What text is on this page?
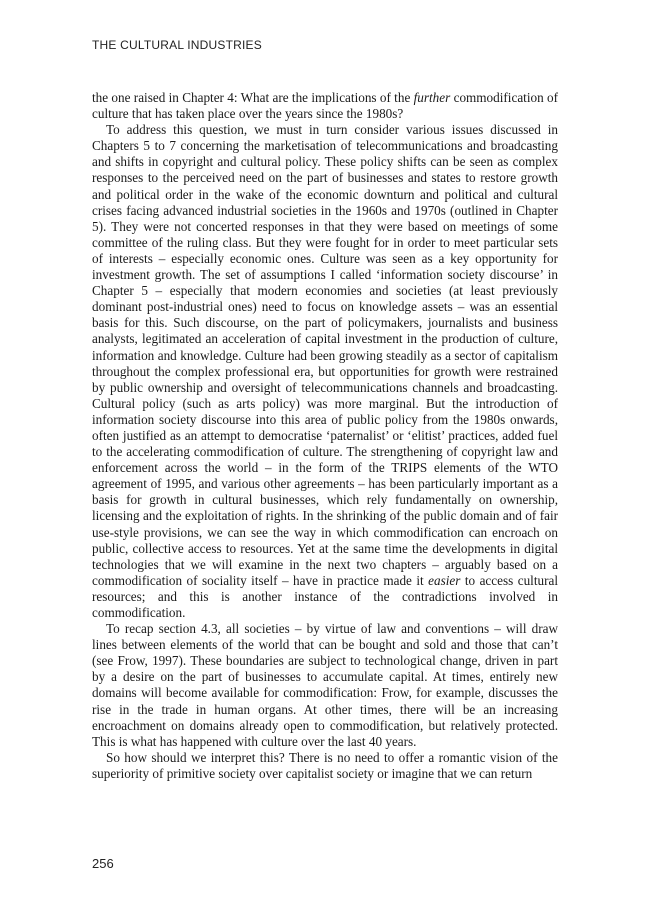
THE CULTURAL INDUSTRIES

the one raised in Chapter 4: What are the implications of the further commodification of culture that has taken place over the years since the 1980s?

To address this question, we must in turn consider various issues discussed in Chapters 5 to 7 concerning the marketisation of telecommunications and broadcasting and shifts in copyright and cultural policy. These policy shifts can be seen as complex responses to the perceived need on the part of businesses and states to restore growth and political order in the wake of the economic downturn and political and cultural crises facing advanced industrial societies in the 1960s and 1970s (outlined in Chapter 5). They were not concerted responses in that they were based on meetings of some committee of the ruling class. But they were fought for in order to meet particular sets of interests – especially economic ones. Culture was seen as a key opportunity for investment growth. The set of assumptions I called ‘information society discourse’ in Chapter 5 – especially that modern economies and societies (at least previously dominant post-industrial ones) need to focus on knowledge assets – was an essential basis for this. Such discourse, on the part of policymakers, journalists and business analysts, legitimated an acceleration of capital investment in the production of culture, information and knowledge. Culture had been growing steadily as a sector of capitalism throughout the complex professional era, but opportunities for growth were restrained by public ownership and oversight of telecommunications channels and broadcasting. Cultural policy (such as arts policy) was more marginal. But the introduction of information society discourse into this area of public policy from the 1980s onwards, often justified as an attempt to democratise ‘paternalist’ or ‘elitist’ practices, added fuel to the accelerating commodification of culture. The strengthening of copyright law and enforcement across the world – in the form of the TRIPS elements of the WTO agreement of 1995, and various other agreements – has been particularly important as a basis for growth in cultural businesses, which rely fundamentally on ownership, licensing and the exploitation of rights. In the shrinking of the public domain and of fair use-style provisions, we can see the way in which commodification can encroach on public, collective access to resources. Yet at the same time the developments in digital technologies that we will examine in the next two chapters – arguably based on a commodification of sociality itself – have in practice made it easier to access cultural resources; and this is another instance of the contradictions involved in commodification.

To recap section 4.3, all societies – by virtue of law and conventions – will draw lines between elements of the world that can be bought and sold and those that can’t (see Frow, 1997). These boundaries are subject to technological change, driven in part by a desire on the part of businesses to accumulate capital. At times, entirely new domains will become available for commodification: Frow, for example, discusses the rise in the trade in human organs. At other times, there will be an increasing encroachment on domains already open to commodification, but relatively protected. This is what has happened with culture over the last 40 years.

So how should we interpret this? There is no need to offer a romantic vision of the superiority of primitive society over capitalist society or imagine that we can return

256
